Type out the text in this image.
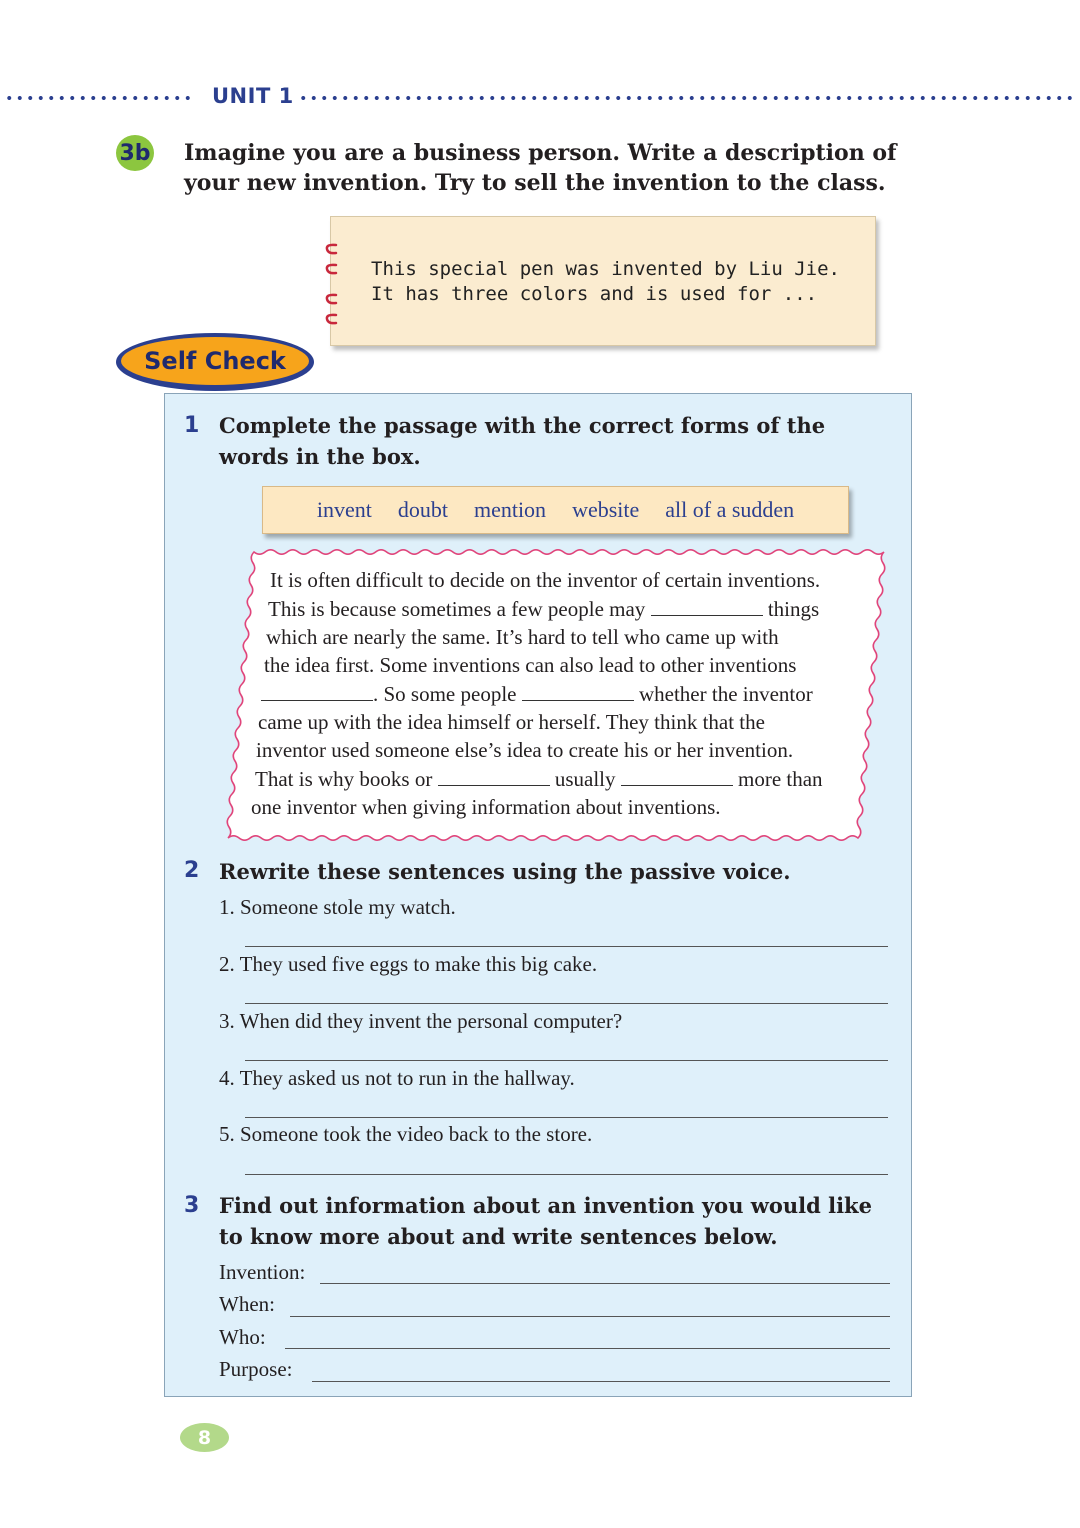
UNIT 1
3b Imagine you are a business person. Write a description of your new invention. Try to sell the invention to the class.
This special pen was invented by Liu Jie. It has three colors and is used for ...
Self Check
1 Complete the passage with the correct forms of the words in the box.
invent doubt mention website all of a sudden
It is often difficult to decide on the inventor of certain inventions.
This is because sometimes a few people may	things
which are nearly the same. It’s hard to tell who came up with
the idea first. Some inventions can also lead to other inventions
. So some people	whether the inventor
came up with the idea himself or herself. They think that the
inventor used someone else’s idea to create his or her invention.
That is why books or	usually	more than
one inventor when giving information about inventions.
2 Rewrite these sentences using the passive voice.
1. Someone stole my watch.
2. They used five eggs to make this big cake.
3. When did they invent the personal computer?
4. They asked us not to run in the hallway.
5. Someone took the video back to the store.
3 Find out information about an invention you would like to know more about and write sentences below.
Invention:
When:
Who:
Purpose:
8
